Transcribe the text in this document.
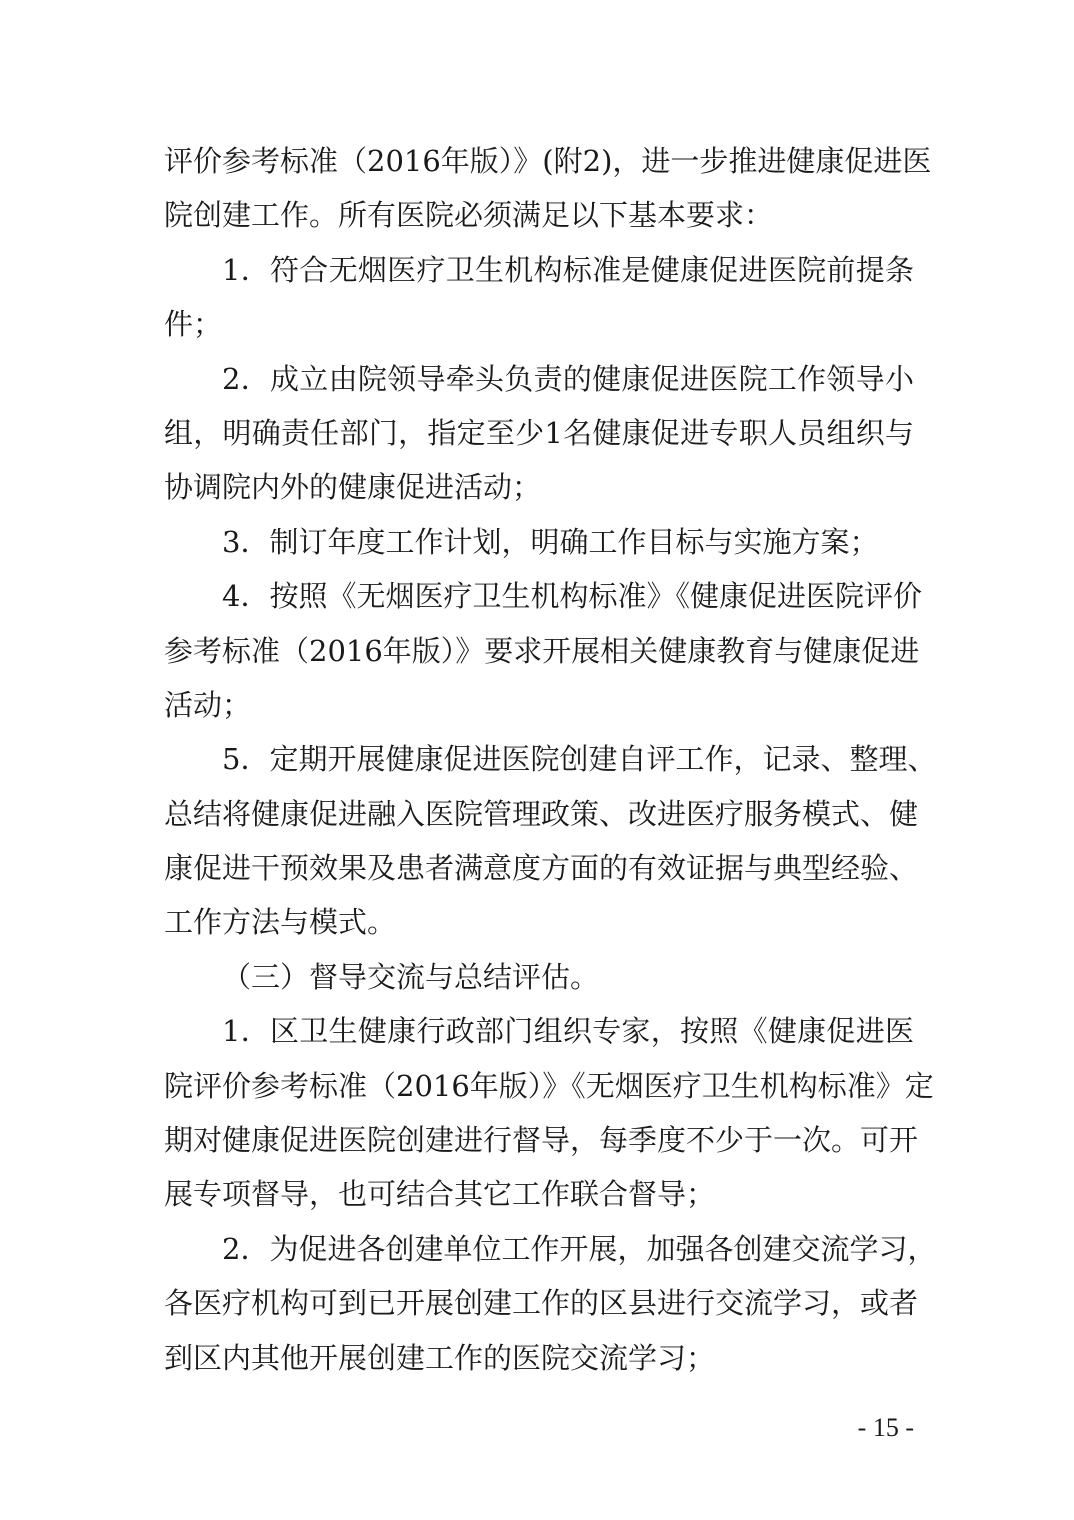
评价参考标准（2016年版）》(附2)，进一步推进健康促进医
院创建工作。所有医院必须满足以下基本要求：
1．符合无烟医疗卫生机构标准是健康促进医院前提条
件；
2．成立由院领导牵头负责的健康促进医院工作领导小
组，明确责任部门，指定至少1名健康促进专职人员组织与
协调院内外的健康促进活动；
3．制订年度工作计划，明确工作目标与实施方案；
4．按照《无烟医疗卫生机构标准》《健康促进医院评价
参考标准（2016年版）》要求开展相关健康教育与健康促进
活动；
5．定期开展健康促进医院创建自评工作，记录、整理、
总结将健康促进融入医院管理政策、改进医疗服务模式、健
康促进干预效果及患者满意度方面的有效证据与典型经验、
工作方法与模式。
（三）督导交流与总结评估。
1．区卫生健康行政部门组织专家，按照《健康促进医
院评价参考标准（2016年版）》《无烟医疗卫生机构标准》定
期对健康促进医院创建进行督导，每季度不少于一次。可开
展专项督导，也可结合其它工作联合督导；
2．为促进各创建单位工作开展，加强各创建交流学习，
各医疗机构可到已开展创建工作的区县进行交流学习，或者
到区内其他开展创建工作的医院交流学习；
- 15 -
